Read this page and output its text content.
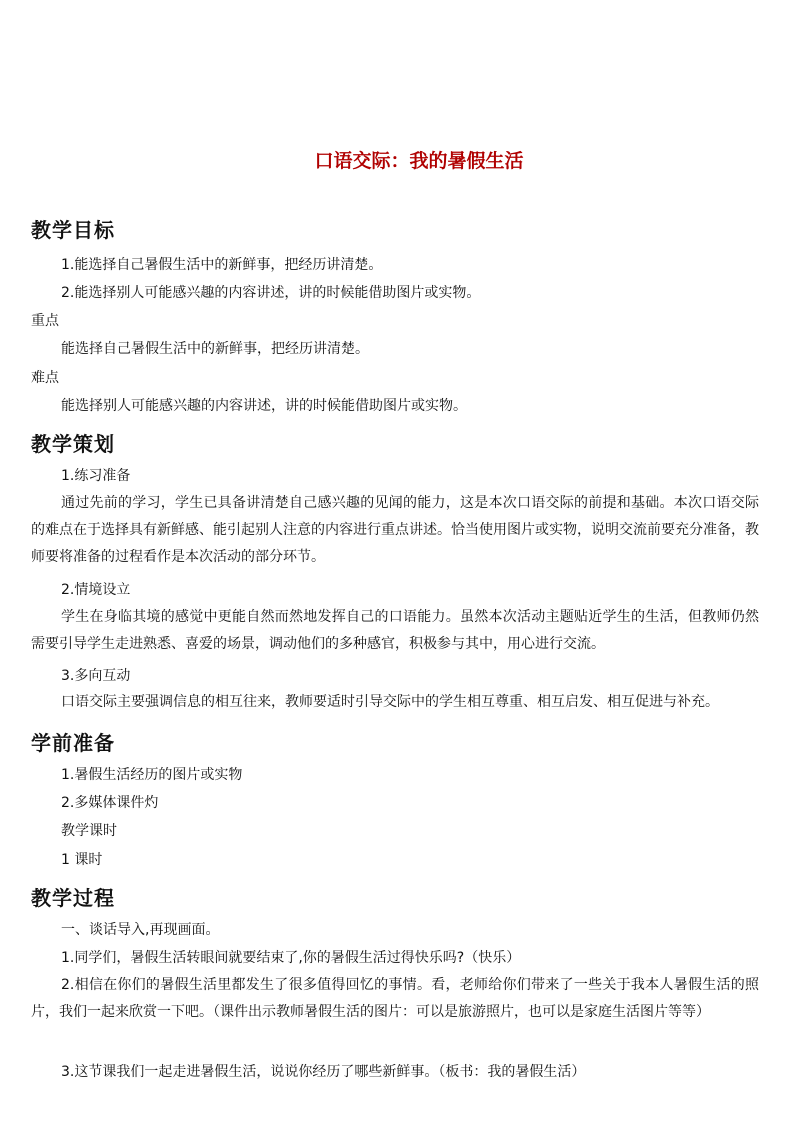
口语交际：我的暑假生活
教学目标
1.能选择自己暑假生活中的新鲜事，把经历讲清楚。
2.能选择别人可能感兴趣的内容讲述，讲的时候能借助图片或实物。
重点
能选择自己暑假生活中的新鲜事，把经历讲清楚。
难点
能选择别人可能感兴趣的内容讲述，讲的时候能借助图片或实物。
教学策划
1.练习准备
通过先前的学习，学生已具备讲清楚自己感兴趣的见闻的能力，这是本次口语交际的前提和基础。本次口语交际的难点在于选择具有新鲜感、能引起别人注意的内容进行重点讲述。恰当使用图片或实物，说明交流前要充分准备，教师要将准备的过程看作是本次活动的部分环节。
2.情境设立
学生在身临其境的感觉中更能自然而然地发挥自己的口语能力。虽然本次活动主题贴近学生的生活，但教师仍然需要引导学生走进熟悉、喜爱的场景，调动他们的多种感官，积极参与其中，用心进行交流。
3.多向互动
口语交际主要强调信息的相互往来，教师要适时引导交际中的学生相互尊重、相互启发、相互促进与补充。
学前准备
1.暑假生活经历的图片或实物
2.多媒体课件灼
教学课时
1 课时
教学过程
一、谈话导入,再现画面。
1.同学们，暑假生活转眼间就要结束了,你的暑假生活过得快乐吗?（快乐）
2.相信在你们的暑假生活里都发生了很多值得回忆的事情。看，老师给你们带来了一些关于我本人暑假生活的照片，我们一起来欣赏一下吧。（课件出示教师暑假生活的图片：可以是旅游照片，也可以是家庭生活图片等等）
3.这节课我们一起走进暑假生活，说说你经历了哪些新鲜事。（板书：我的暑假生活）
